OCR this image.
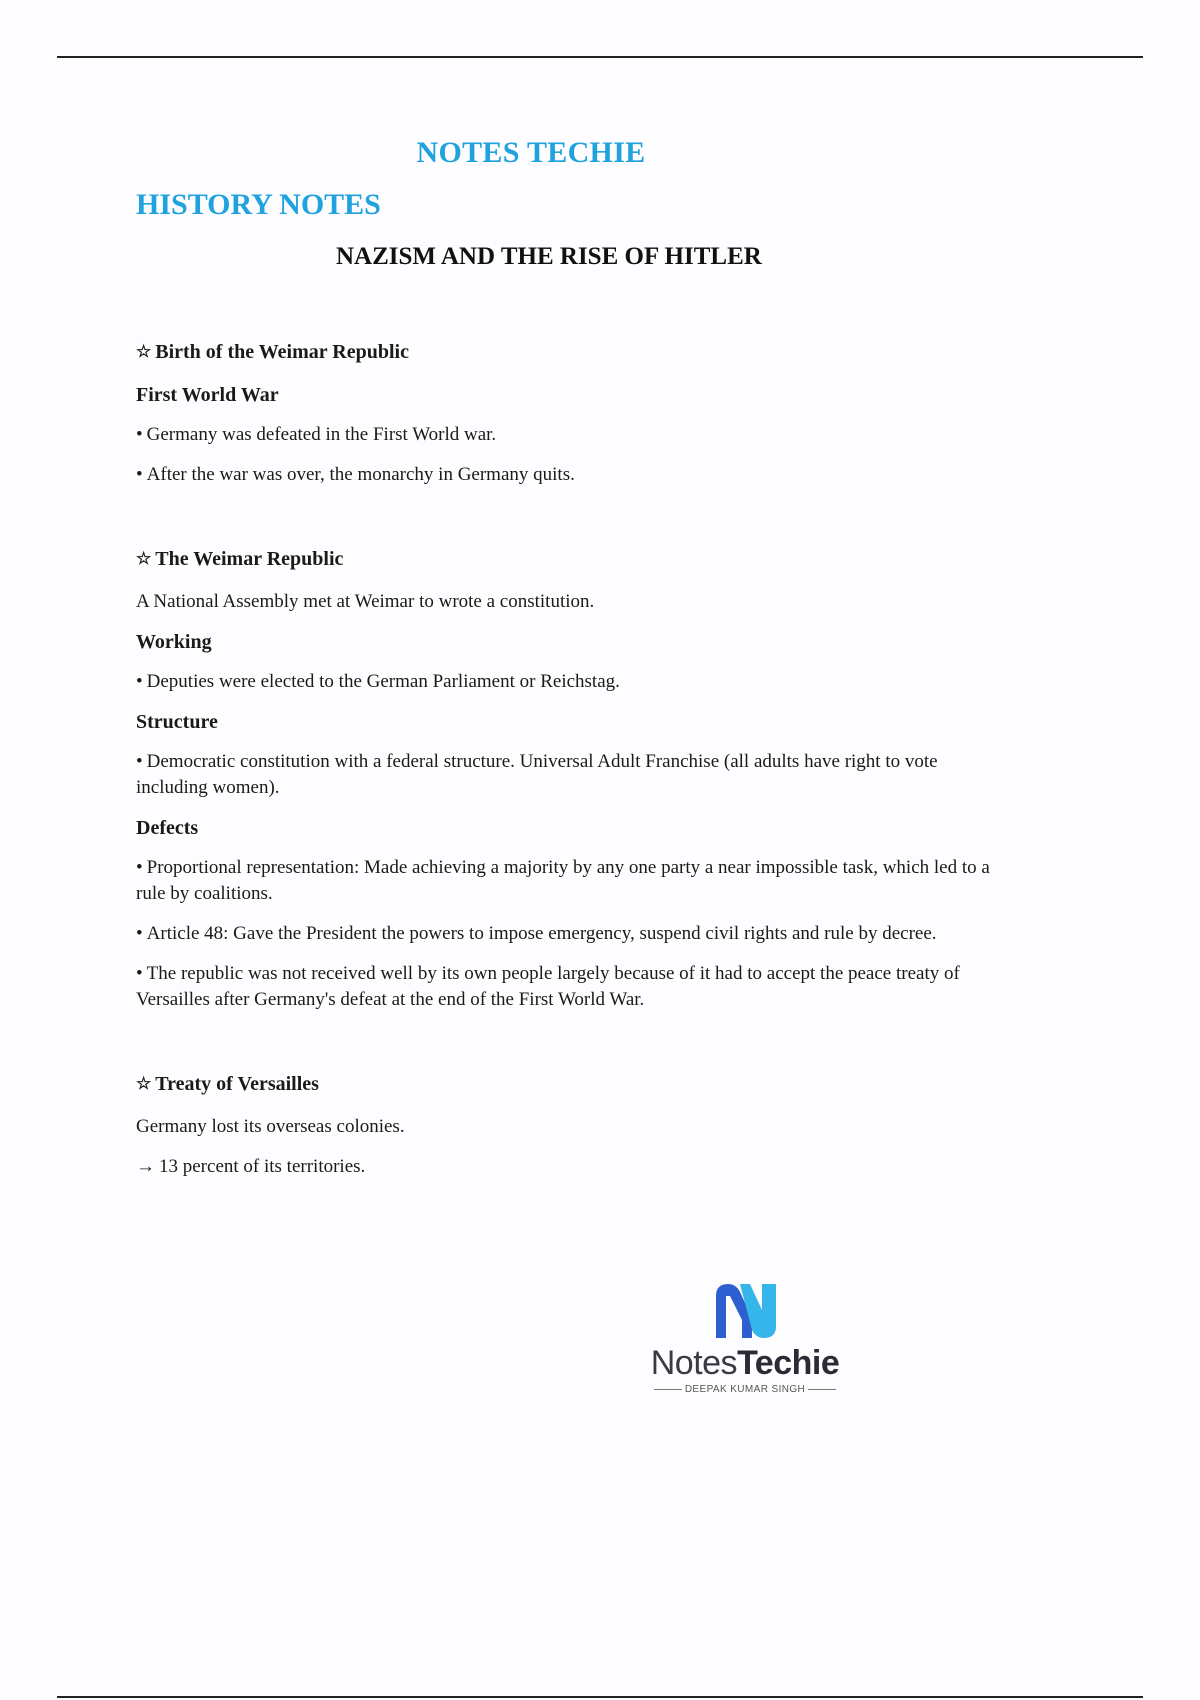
NOTES TECHIE
HISTORY NOTES
NAZISM AND THE RISE OF HITLER
☆ Birth of the Weimar Republic
First World War

• Germany was defeated in the First World war.

• After the war was over, the monarchy in Germany quits.

☆ The Weimar Republic

A National Assembly met at Weimar to wrote a constitution.

Working

• Deputies were elected to the German Parliament or Reichstag.

Structure

• Democratic constitution with a federal structure. Universal Adult Franchise (all adults have right to vote including women).

Defects

• Proportional representation: Made achieving a majority by any one party a near impossible task, which led to a rule by coalitions.

• Article 48: Gave the President the powers to impose emergency, suspend civil rights and rule by decree.

• The republic was not received well by its own people largely because of it had to accept the peace treaty of Versailles after Germany's defeat at the end of the First World War.

☆ Treaty of Versailles

Germany lost its overseas colonies.

→ 13 percent of its territories.

NotesTechie
DEEPAK KUMAR SINGH
